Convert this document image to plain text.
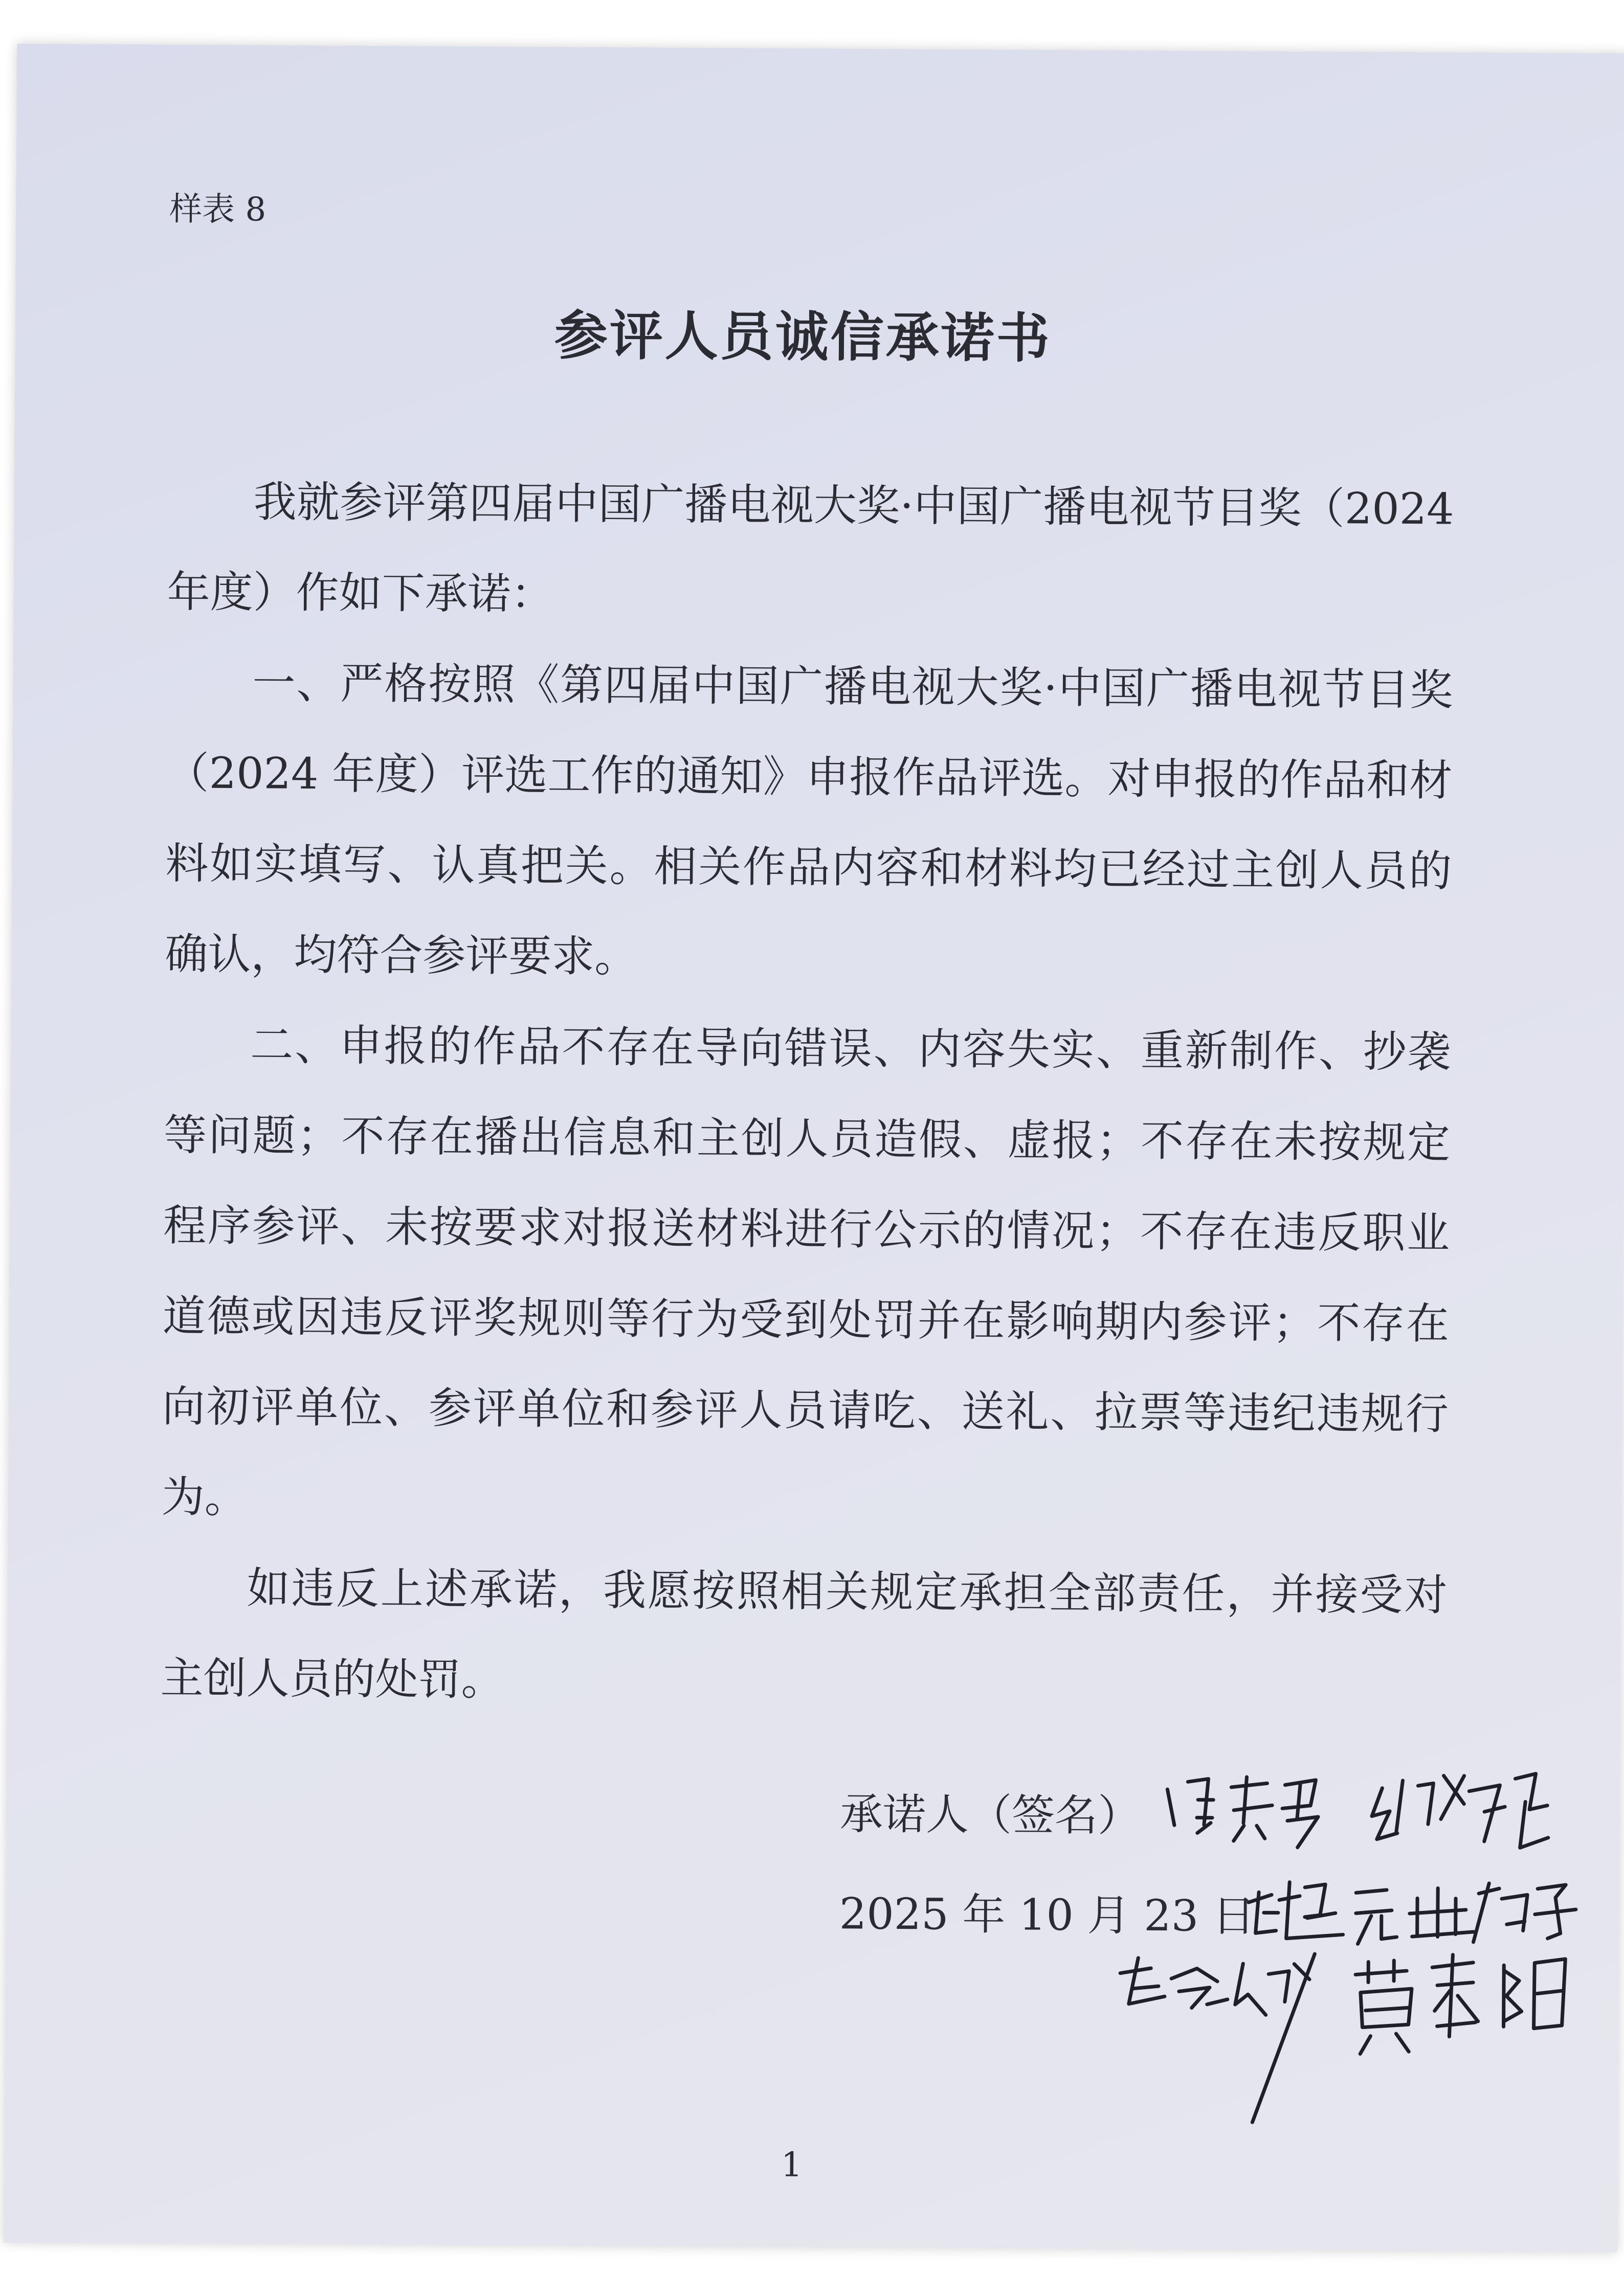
样表 8
参评人员诚信承诺书

我就参评第四届中国广播电视大奖·中国广播电视节目奖（2024 年度）作如下承诺：

一、严格按照《第四届中国广播电视大奖·中国广播电视节目奖（2024 年度）评选工作的通知》申报作品评选。对申报的作品和材料如实填写、认真把关。相关作品内容和材料均已经过主创人员的确认，均符合参评要求。

二、申报的作品不存在导向错误、内容失实、重新制作、抄袭等问题；不存在播出信息和主创人员造假、虚报；不存在未按规定程序参评、未按要求对报送材料进行公示的情况；不存在违反职业道德或因违反评奖规则等行为受到处罚并在影响期内参评；不存在向初评单位、参评单位和参评人员请吃、送礼、拉票等违纪违规行为。

如违反上述承诺，我愿按照相关规定承担全部责任，并接受对主创人员的处罚。

承诺人（签名）
2025 年 10 月 23 日
1
